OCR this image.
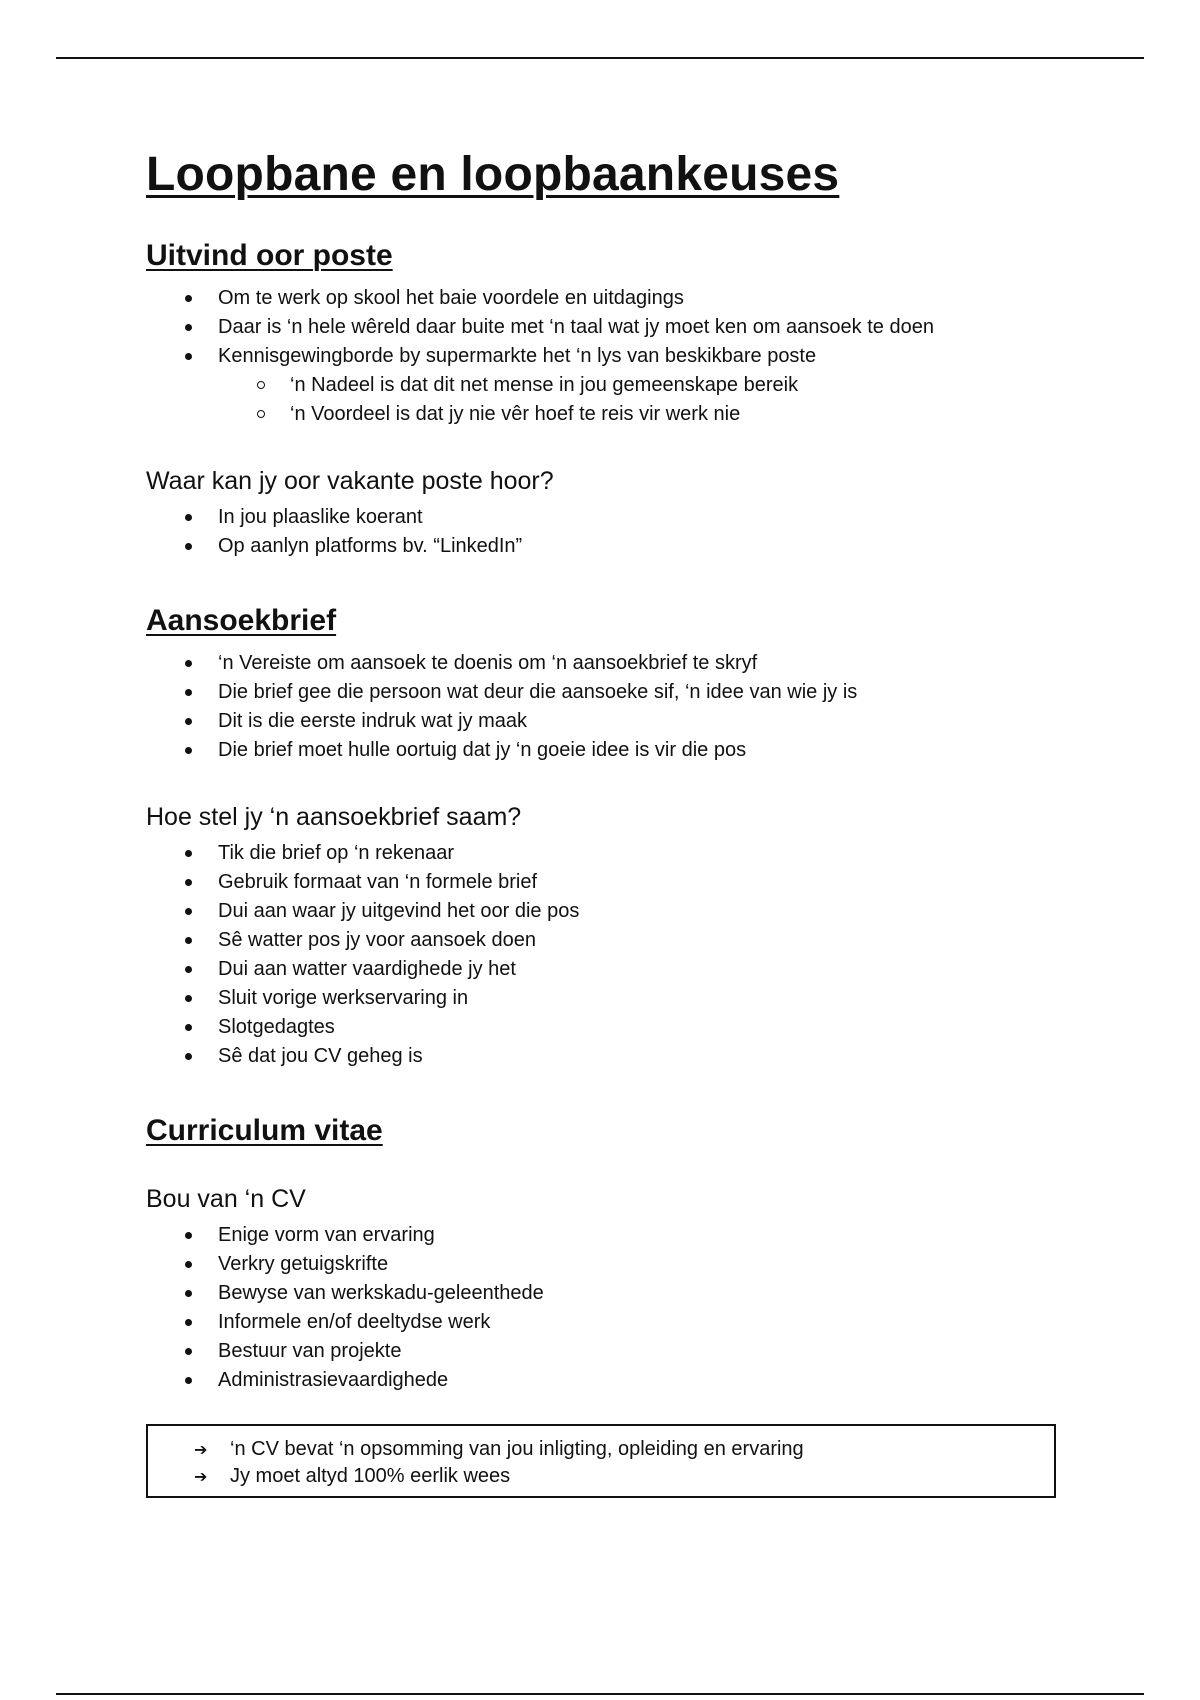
Loopbane en loopbaankeuses
Uitvind oor poste
Om te werk op skool het baie voordele en uitdagings
Daar is ‘n hele wêreld daar buite met ‘n taal wat jy moet ken om aansoek te doen
Kennisgewingborde by supermarkte het ‘n lys van beskikbare poste
‘n Nadeel is dat dit net mense in jou gemeenskape bereik
‘n Voordeel is dat jy nie vêr hoef te reis vir werk nie
Waar kan jy oor vakante poste hoor?
In jou plaaslike koerant
Op aanlyn platforms bv. “LinkedIn”
Aansoekbrief
‘n Vereiste om aansoek te doenis om ‘n aansoekbrief te skryf
Die brief gee die persoon wat deur die aansoeke sif, ‘n idee van wie jy is
Dit is die eerste indruk wat jy maak
Die brief moet hulle oortuig dat jy ‘n goeie idee is vir die pos
Hoe stel jy ‘n aansoekbrief saam?
Tik die brief op ‘n rekenaar
Gebruik formaat van ‘n formele brief
Dui aan waar jy uitgevind het oor die pos
Sê watter pos jy voor aansoek doen
Dui aan watter vaardighede jy het
Sluit vorige werkservaring in
Slotgedagtes
Sê dat jou CV geheg is
Curriculum vitae
Bou van ‘n CV
Enige vorm van ervaring
Verkry getuigskrifte
Bewyse van werkskadu-geleenthede
Informele en/of deeltydse werk
Bestuur van projekte
Administrasievaardighede
➔ ‘n CV bevat ‘n opsomming van jou inligting, opleiding en ervaring
➔ Jy moet altyd 100% eerlik wees
